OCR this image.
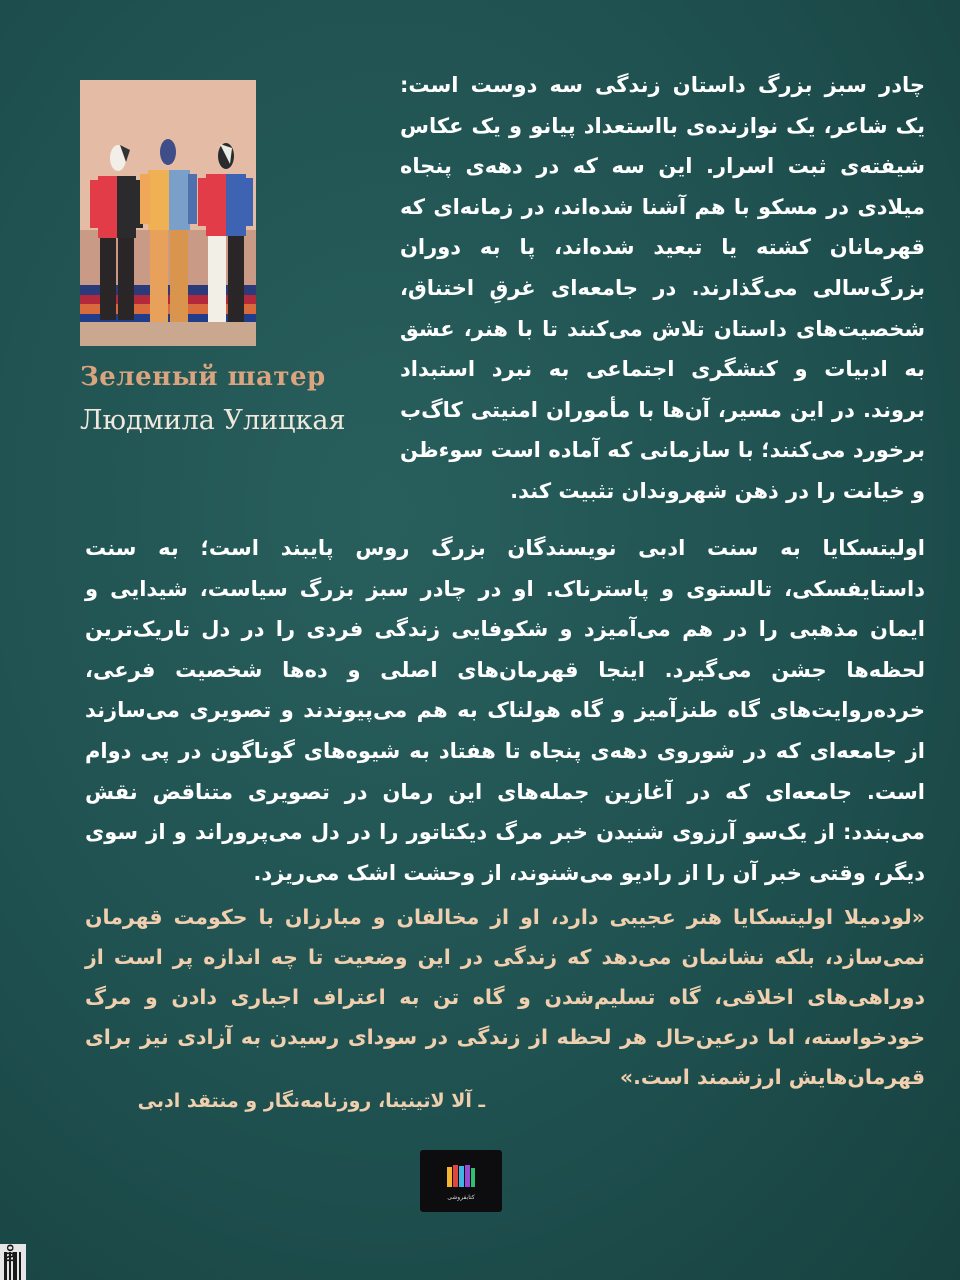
Зеленый шатер
Людмила Улицкая

چادر سبز بزرگ داستان زندگی سه دوست است: یک شاعر، یک نوازنده‌ی بااستعداد پیانو و یک عکاس شیفته‌ی ثبت اسرار. این سه که در دهه‌ی پنجاه میلادی در مسکو با هم آشنا شده‌اند، در زمانه‌ای که قهرمانان کشته یا تبعید شده‌اند، پا به دوران بزرگ‌سالی می‌گذارند. در جامعه‌ای غرقِ اختناق، شخصیت‌های داستان تلاش می‌کنند تا با هنر، عشق به ادبیات و کنشگری اجتماعی به نبرد استبداد بروند. در این مسیر، آن‌ها با مأموران امنیتی کاگ‌ب برخورد می‌کنند؛ با سازمانی که آماده است سوءظن و خیانت را در ذهن شهروندان تثبیت کند.

اولیتسکایا به سنت ادبی نویسندگان بزرگ روس پایبند است؛ به سنت داستایفسکی، تالستوی و پاسترناک. او در چادر سبز بزرگ سیاست، شیدایی و ایمان مذهبی را در هم می‌آمیزد و شکوفایی زندگی فردی را در دل تاریک‌ترین لحظه‌ها جشن می‌گیرد. اینجا قهرمان‌های اصلی و ده‌ها شخصیت فرعی، خرده‌روایت‌های گاه طنزآمیز و گاه هولناک به هم می‌پیوندند و تصویری می‌سازند از جامعه‌ای که در شوروی دهه‌ی پنجاه تا هفتاد به شیوه‌های گوناگون در پی دوام است. جامعه‌ای که در آغازین جمله‌های این رمان در تصویری متناقض نقش می‌بندد: از یک‌سو آرزوی شنیدن خبر مرگ دیکتاتور را در دل می‌پروراند و از سوی دیگر، وقتی خبر آن را از رادیو می‌شنوند، از وحشت اشک می‌ریزد.

«لودمیلا اولیتسکایا هنر عجیبی دارد، او از مخالفان و مبارزان با حکومت قهرمان نمی‌سازد، بلکه نشانمان می‌دهد که زندگی در این وضعیت تا چه اندازه پر است از دوراهی‌های اخلاقی، گاه تسلیم‌شدن و گاه تن به اعتراف اجباری دادن و مرگ خودخواسته، اما درعین‌حال هر لحظه از زندگی در سودای رسیدن به آزادی نیز برای قهرمان‌هایش ارزشمند است.»

ـ آلا لاتینینا، روزنامه‌نگار و منتقد ادبی

کتابفروشی
